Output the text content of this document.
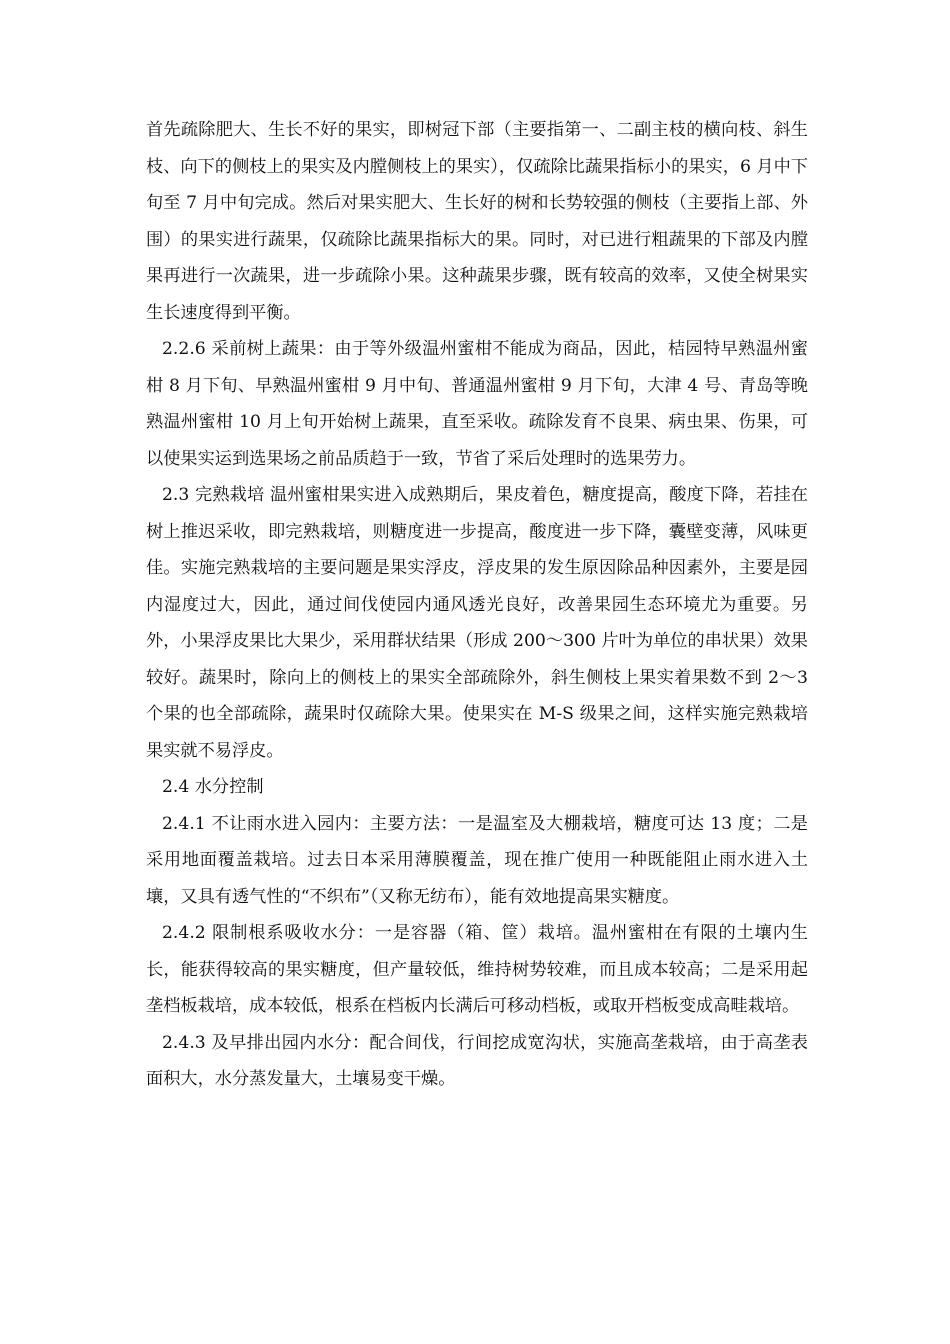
首先疏除肥大、生长不好的果实，即树冠下部（主要指第一、二副主枝的横向枝、斜生枝、向下的侧枝上的果实及内膛侧枝上的果实），仅疏除比蔬果指标小的果实，6 月中下旬至 7 月中旬完成。然后对果实肥大、生长好的树和长势较强的侧枝（主要指上部、外围）的果实进行蔬果，仅疏除比蔬果指标大的果。同时，对已进行粗蔬果的下部及内膛果再进行一次蔬果，进一步疏除小果。这种蔬果步骤，既有较高的效率，又使全树果实生长速度得到平衡。

2.2.6 采前树上蔬果：由于等外级温州蜜柑不能成为商品，因此，桔园特早熟温州蜜柑 8 月下旬、早熟温州蜜柑 9 月中旬、普通温州蜜柑 9 月下旬，大津 4 号、青岛等晚熟温州蜜柑 10 月上旬开始树上蔬果，直至采收。疏除发育不良果、病虫果、伤果，可以使果实运到选果场之前品质趋于一致，节省了采后处理时的选果劳力。

2.3 完熟栽培 温州蜜柑果实进入成熟期后，果皮着色，糖度提高，酸度下降，若挂在树上推迟采收，即完熟栽培，则糖度进一步提高，酸度进一步下降，囊壁变薄，风味更佳。实施完熟栽培的主要问题是果实浮皮，浮皮果的发生原因除品种因素外，主要是园内湿度过大，因此，通过间伐使园内通风透光良好，改善果园生态环境尤为重要。另外，小果浮皮果比大果少，采用群状结果（形成 200～300 片叶为单位的串状果）效果较好。蔬果时，除向上的侧枝上的果实全部疏除外，斜生侧枝上果实着果数不到 2～3 个果的也全部疏除，蔬果时仅疏除大果。使果实在 M-S 级果之间，这样实施完熟栽培果实就不易浮皮。

2.4 水分控制

2.4.1 不让雨水进入园内：主要方法：一是温室及大棚栽培，糖度可达 13 度；二是采用地面覆盖栽培。过去日本采用薄膜覆盖，现在推广使用一种既能阻止雨水进入土壤，又具有透气性的“不织布”（又称无纺布），能有效地提高果实糖度。

2.4.2 限制根系吸收水分：一是容器（箱、筐）栽培。温州蜜柑在有限的土壤内生长，能获得较高的果实糖度，但产量较低，维持树势较难，而且成本较高；二是采用起垄档板栽培，成本较低，根系在档板内长满后可移动档板，或取开档板变成高畦栽培。

2.4.3 及早排出园内水分：配合间伐，行间挖成宽沟状，实施高垄栽培，由于高垄表面积大，水分蒸发量大，土壤易变干燥。
